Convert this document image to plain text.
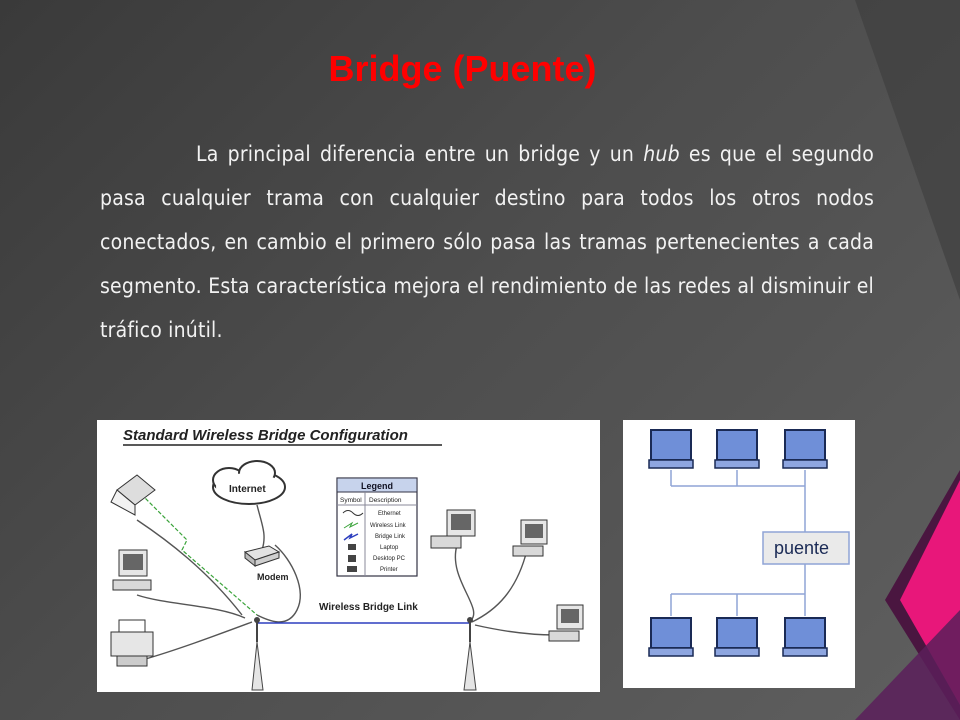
Bridge (Puente)
La principal diferencia entre un bridge y un hub es que el segundo pasa cualquier trama con cualquier destino para todos los otros nodos conectados, en cambio el primero sólo pasa las tramas pertenecientes a cada segmento. Esta característica mejora el rendimiento de las redes al disminuir el tráfico inútil.
Standard Wireless Bridge Configuration
Internet
Wireless Bridge Link
Modem
Legend
Symbol Description
Ethernet
Wireless Link
Bridge Link
Laptop
Desktop PC
Printer
puente
